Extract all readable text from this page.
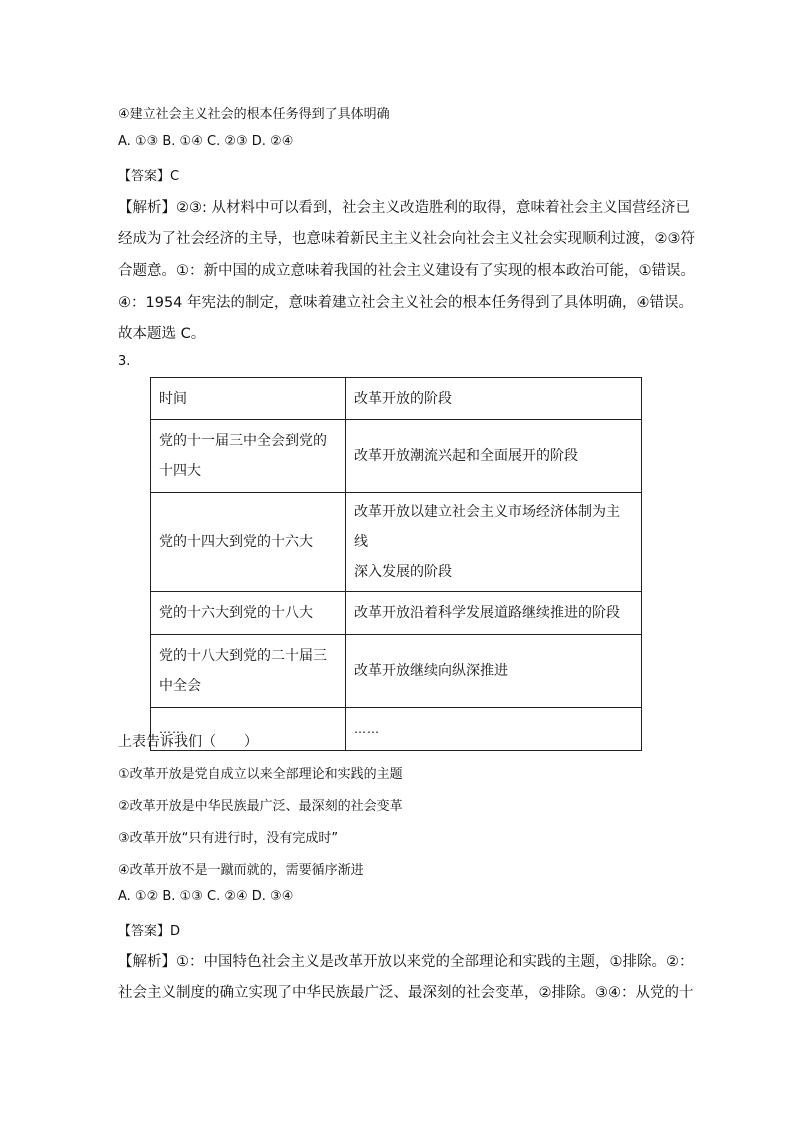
④建立社会主义社会的根本任务得到了具体明确
A. ①③ B. ①④ C. ②③ D. ②④
【答案】C
【解析】②③: 从材料中可以看到，社会主义改造胜利的取得，意味着社会主义国营经济已
经成为了社会经济的主导，也意味着新民主主义社会向社会主义社会实现顺利过渡，②③符
合题意。①：新中国的成立意味着我国的社会主义建设有了实现的根本政治可能，①错误。
④：1954 年宪法的制定，意味着建立社会主义社会的根本任务得到了具体明确，④错误。
故本题选 C。
3.
时间	改革开放的阶段

党的十一届三中全会到党的
十四大	改革开放潮流兴起和全面展开的阶段

党的十四大到党的十六大	改革开放以建立社会主义市场经济体制为主线
深入发展的阶段

党的十六大到党的十八大	改革开放沿着科学发展道路继续推进的阶段

党的十八大到党的二十届三
中全会	改革开放继续向纵深推进

……	……
上表告诉我们（　　）
①改革开放是党自成立以来全部理论和实践的主题
②改革开放是中华民族最广泛、最深刻的社会变革
③改革开放“只有进行时，没有完成时”
④改革开放不是一蹴而就的，需要循序渐进
A. ①② B. ①③ C. ②④ D. ③④
【答案】D
【解析】①：中国特色社会主义是改革开放以来党的全部理论和实践的主题，①排除。②：
社会主义制度的确立实现了中华民族最广泛、最深刻的社会变革，②排除。③④：从党的十
